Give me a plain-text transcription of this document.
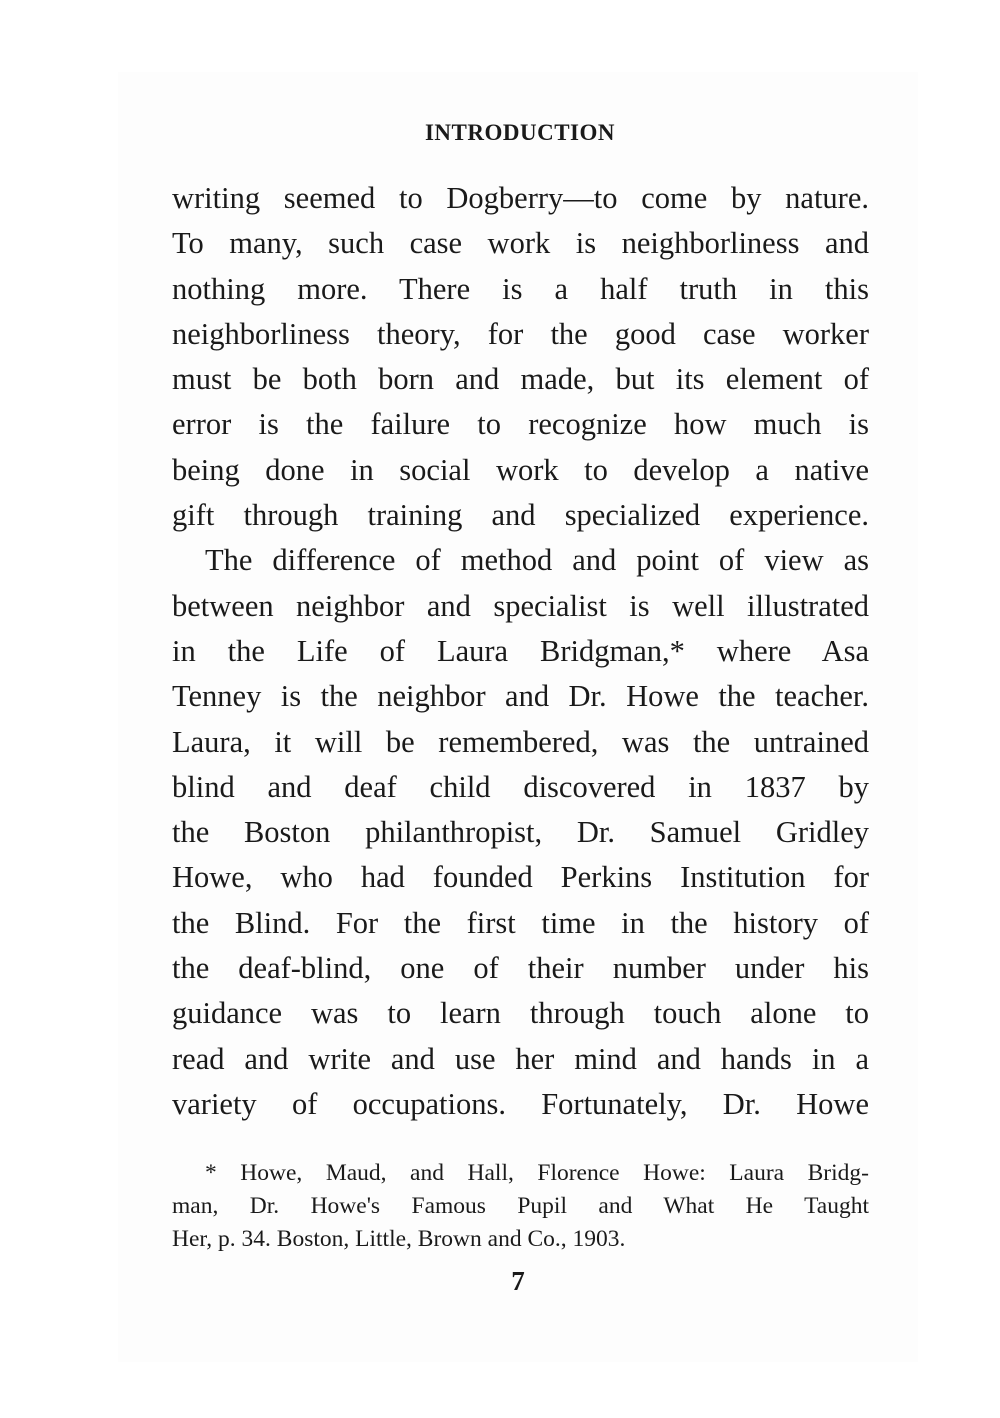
INTRODUCTION
writing seemed to Dogberry—to come by nature.
To many, such case work is neighborliness and
nothing more. There is a half truth in this
neighborliness theory, for the good case worker
must be both born and made, but its element of
error is the failure to recognize how much is
being done in social work to develop a native
gift through training and specialized experience.
The difference of method and point of view as
between neighbor and specialist is well illustrated
in the Life of Laura Bridgman,* where Asa
Tenney is the neighbor and Dr. Howe the teacher.
Laura, it will be remembered, was the untrained
blind and deaf child discovered in 1837 by
the Boston philanthropist, Dr. Samuel Gridley
Howe, who had founded Perkins Institution for
the Blind. For the first time in the history of
the deaf-blind, one of their number under his
guidance was to learn through touch alone to
read and write and use her mind and hands in a
variety of occupations. Fortunately, Dr. Howe
* Howe, Maud, and Hall, Florence Howe: Laura Bridg-
man, Dr. Howe's Famous Pupil and What He Taught
Her, p. 34. Boston, Little, Brown and Co., 1903.
7
